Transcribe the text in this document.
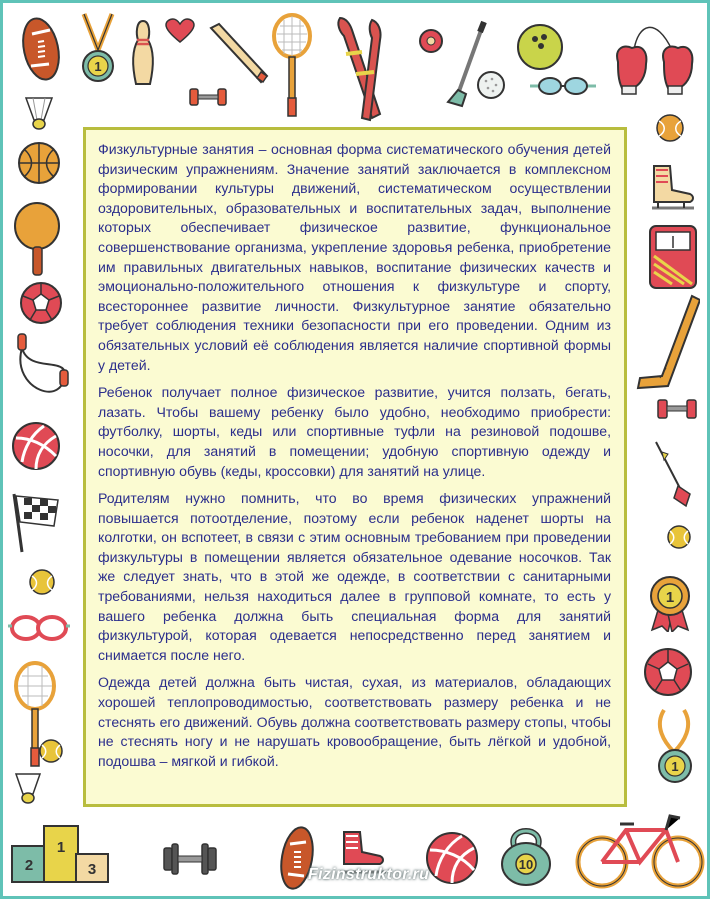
1
1
1
2
1
3	10

Физкультурные занятия – основная форма систематического обучения детей физическим упражнениям. Значение занятий заключается в комплексном формировании культуры движений, систематическом осуществлении оздоровительных, образовательных и воспитательных задач, выполнение которых обеспечивает физическое развитие, функциональное совершенствование организма, укрепление здоровья ребенка, приобретение им правильных двигательных навыков, воспитание физических качеств и эмоционально-положительного отношения к физкультуре и спорту, всестороннее развитие личности. Физкультурное занятие обязательно требует соблюдения техники безопасности при его проведении. Одним из обязательных условий её соблюдения является наличие спортивной формы у детей.

Ребенок получает полное физическое развитие, учится ползать, бегать, лазать. Чтобы вашему ребенку было удобно, необходимо приобрести: футболку, шорты, кеды или спортивные туфли на резиновой подошве, носочки, для занятий в помещении; удобную спортивную одежду и спортивную обувь (кеды, кроссовки) для занятий на улице.

Родителям нужно помнить, что во время физических упражнений повышается потоотделение, поэтому если ребенок наденет шорты на колготки, он вспотеет, в связи с этим основным требованием при проведении физкультуры в помещении является обязательное одевание носочков. Так же следует знать, что в этой же одежде, в соответствии с санитарными требованиями, нельзя находиться далее в групповой комнате, то есть у вашего ребенка должна быть специальная форма для занятий физкультурой, которая одевается непосредственно перед занятием и снимается после него.

Одежда детей должна быть чистая, сухая, из материалов, обладающих хорошей теплопроводимостью, соответствовать размеру ребенка и не стеснять его движений. Обувь должна соответствовать размеру стопы, чтобы не стеснять ногу и не нарушать кровообращение, быть лёгкой и удобной, подошва – мягкой и гибкой.

Fizinstruktor.ru
